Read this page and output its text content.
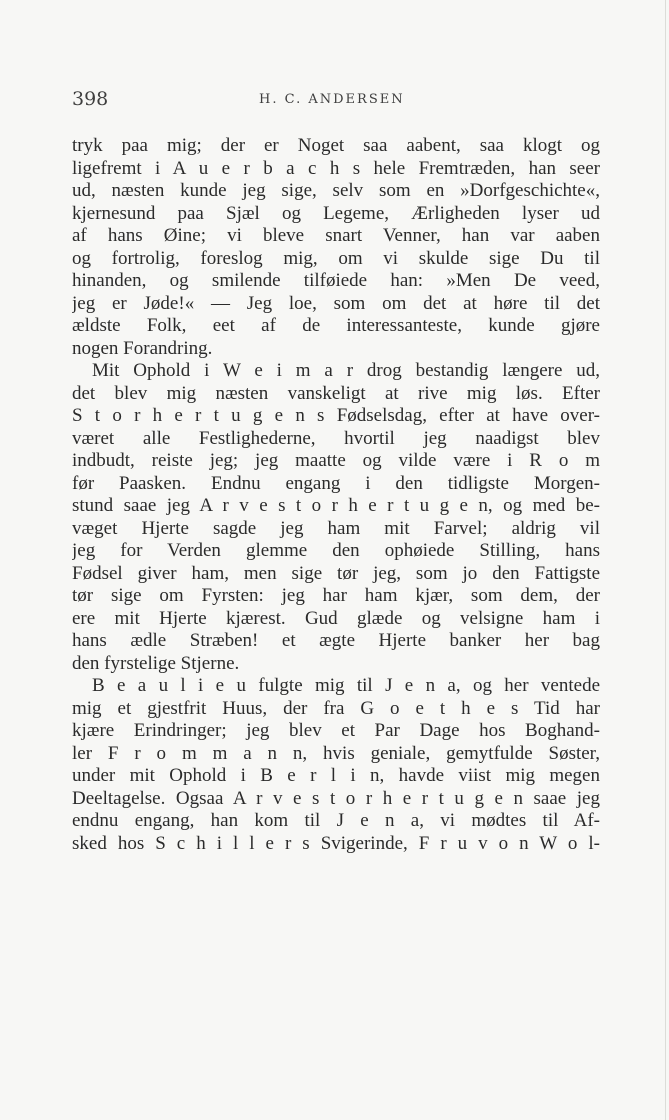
398	H. C. ANDERSEN
tryk paa mig; der er Noget saa aabent, saa klogt og
ligefremt i A u e r b a c h s hele Fremtræden, han seer
ud, næsten kunde jeg sige, selv som en »Dorfgeschichte«,
kjernesund paa Sjæl og Legeme, Ærligheden lyser ud
af hans Øine; vi bleve snart Venner, han var aaben
og fortrolig, foreslog mig, om vi skulde sige Du til
hinanden, og smilende tilføiede han: »Men De veed,
jeg er Jøde!« — Jeg loe, som om det at høre til det
ældste Folk, eet af de interessanteste, kunde gjøre
nogen Forandring.
Mit Ophold i W e i m a r drog bestandig længere ud,
det blev mig næsten vanskeligt at rive mig løs. Efter
S t o r h e r t u g e n s Fødselsdag, efter at have over-
været alle Festlighederne, hvortil jeg naadigst blev
indbudt, reiste jeg; jeg maatte og vilde være i R o m
før Paasken. Endnu engang i den tidligste Morgen-
stund saae jeg A r v e s t o r h e r t u g e n, og med be-
væget Hjerte sagde jeg ham mit Farvel; aldrig vil
jeg for Verden glemme den ophøiede Stilling, hans
Fødsel giver ham, men sige tør jeg, som jo den Fattigste
tør sige om Fyrsten: jeg har ham kjær, som dem, der
ere mit Hjerte kjærest. Gud glæde og velsigne ham i
hans ædle Stræben! et ægte Hjerte banker her bag
den fyrstelige Stjerne.
B e a u l i e u fulgte mig til J e n a, og her ventede
mig et gjestfrit Huus, der fra G o e t h e s Tid har
kjære Erindringer; jeg blev et Par Dage hos Boghand-
ler F r o m m a n n, hvis geniale, gemytfulde Søster,
under mit Ophold i B e r l i n, havde viist mig megen
Deeltagelse. Ogsaa A r v e s t o r h e r t u g e n saae jeg
endnu engang, han kom til J e n a, vi mødtes til Af-
sked hos S c h i l l e r s Svigerinde, F r u v o n W o l-
